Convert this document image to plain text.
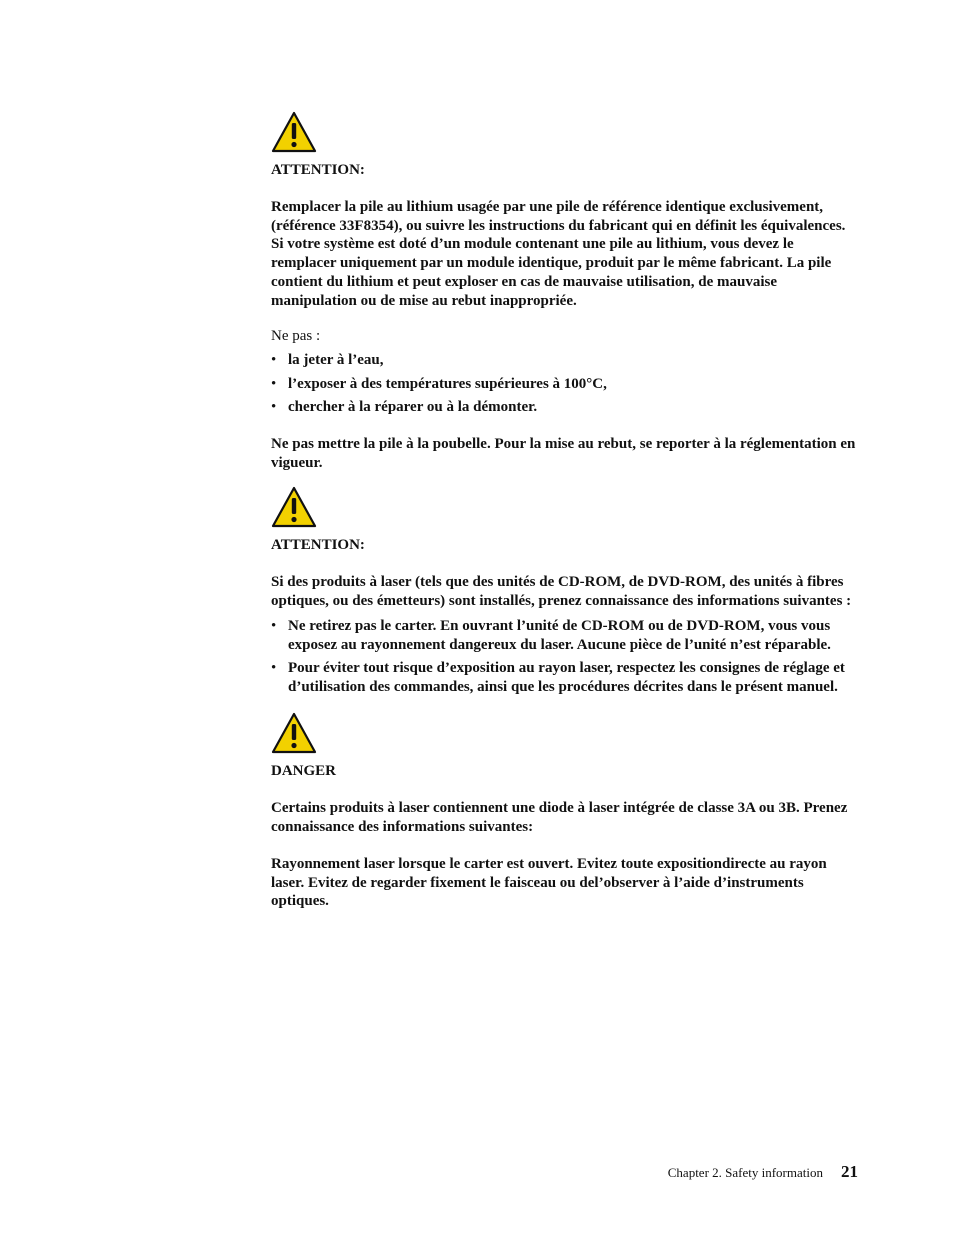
ATTENTION:

Remplacer la pile au lithium usagée par une pile de référence identique exclusivement, (référence 33F8354), ou suivre les instructions du fabricant qui en définit les équivalences. Si votre système est doté d’un module contenant une pile au lithium, vous devez le remplacer uniquement par un module identique, produit par le même fabricant. La pile contient du lithium et peut exploser en cas de mauvaise utilisation, de mauvaise manipulation ou de mise au rebut inappropriée.

Ne pas :

• la jeter à l’eau,
• l’exposer à des températures supérieures à 100°C,
• chercher à la réparer ou à la démonter.

Ne pas mettre la pile à la poubelle. Pour la mise au rebut, se reporter à la réglementation en vigueur.

ATTENTION:

Si des produits à laser (tels que des unités de CD-ROM, de DVD-ROM, des unités à fibres optiques, ou des émetteurs) sont installés, prenez connaissance des informations suivantes :

• Ne retirez pas le carter. En ouvrant l’unité de CD-ROM ou de DVD-ROM, vous vous exposez au rayonnement dangereux du laser. Aucune pièce de l’unité n’est réparable.
• Pour éviter tout risque d’exposition au rayon laser, respectez les consignes de réglage et d’utilisation des commandes, ainsi que les procédures décrites dans le présent manuel.

DANGER

Certains produits à laser contiennent une diode à laser intégrée de classe 3A ou 3B. Prenez connaissance des informations suivantes:

Rayonnement laser lorsque le carter est ouvert. Evitez toute expositiondirecte au rayon laser. Evitez de regarder fixement le faisceau ou del’observer à l’aide d’instruments optiques.

Chapter 2. Safety information 21
